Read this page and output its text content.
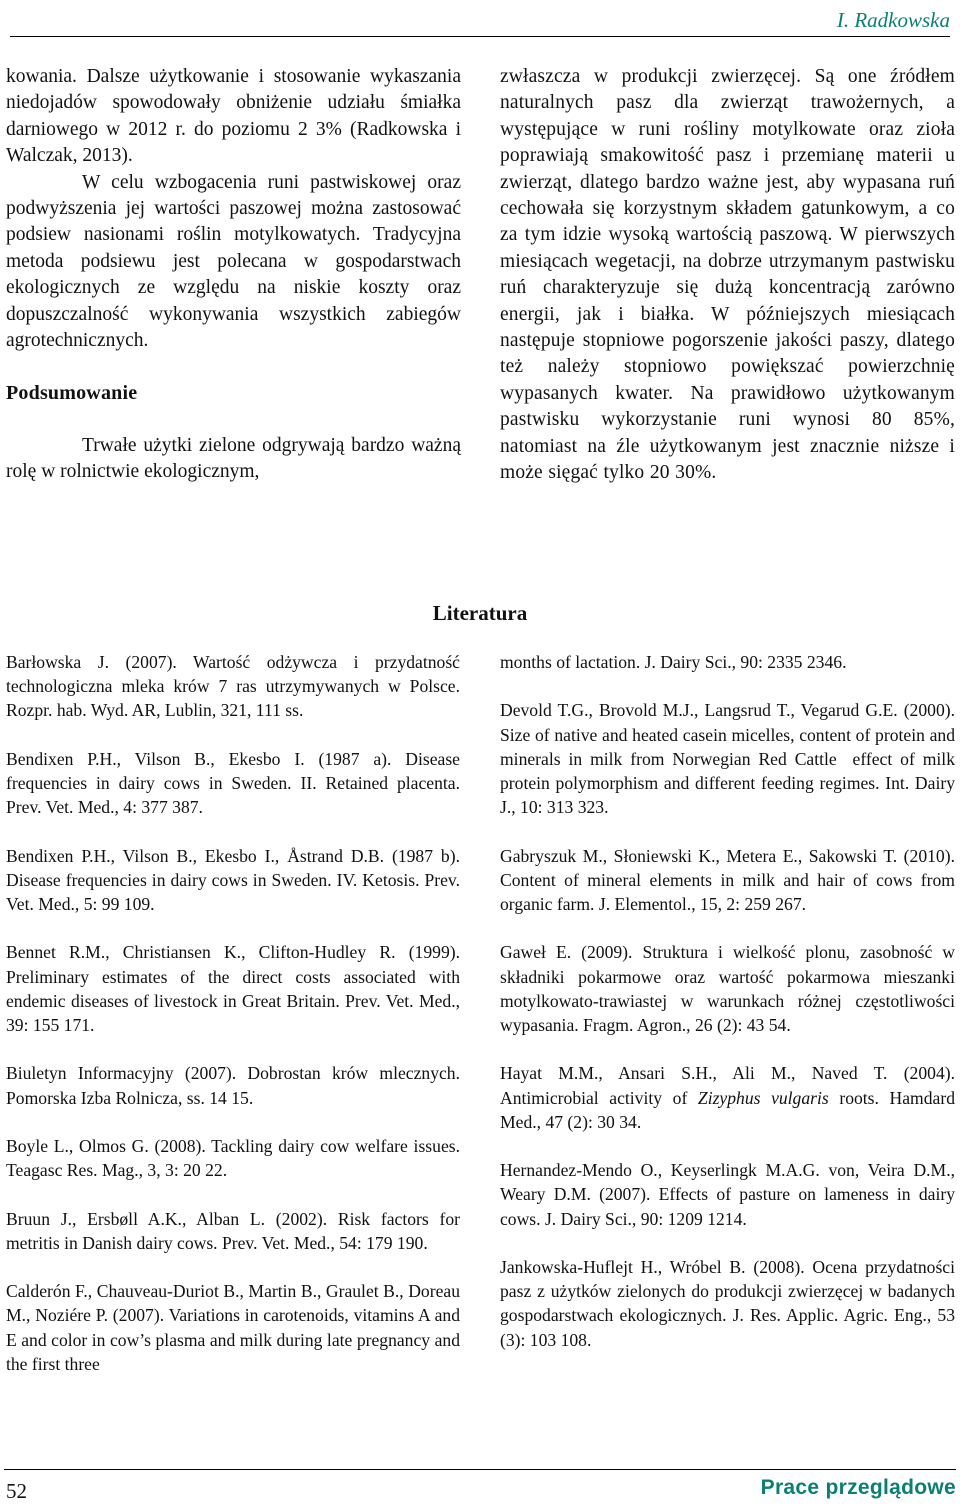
I. Radkowska

kowania. Dalsze użytkowanie i stosowanie wykaszania niedojadów spowodowały obniżenie udziału śmiałka darniowego w 2012 r. do poziomu 2 3% (Radkowska i Walczak, 2013).

W celu wzbogacenia runi pastwiskowej oraz podwyższenia jej wartości paszowej można zastosować podsiew nasionami roślin motylkowatych. Tradycyjna metoda podsiewu jest polecana w gospodarstwach ekologicznych ze względu na niskie koszty oraz dopuszczalność wykonywania wszystkich zabiegów agrotechnicznych.

Podsumowanie

Trwałe użytki zielone odgrywają bardzo ważną rolę w rolnictwie ekologicznym,

zwłaszcza w produkcji zwierzęcej. Są one źródłem naturalnych pasz dla zwierząt trawożernych, a występujące w runi rośliny motylkowate oraz zioła poprawiają smakowitość pasz i przemianę materii u zwierząt, dlatego bardzo ważne jest, aby wypasana ruń cechowała się korzystnym składem gatunkowym, a co za tym idzie wysoką wartością paszową. W pierwszych miesiącach wegetacji, na dobrze utrzymanym pastwisku ruń charakteryzuje się dużą koncentracją zarówno energii, jak i białka. W późniejszych miesiącach następuje stopniowe pogorszenie jakości paszy, dlatego też należy stopniowo powiększać powierzchnię wypasanych kwater. Na prawidłowo użytkowanym pastwisku wykorzystanie runi wynosi 80 85%, natomiast na źle użytkowanym jest znacznie niższe i może sięgać tylko 20 30%.

Literatura

Barłowska J. (2007). Wartość odżywcza i przydatność technologiczna mleka krów 7 ras utrzymywanych w Polsce. Rozpr. hab. Wyd. AR, Lublin, 321, 111 ss.

Bendixen P.H., Vilson B., Ekesbo I. (1987 a). Disease frequencies in dairy cows in Sweden. II. Retained placenta. Prev. Vet. Med., 4: 377 387.

Bendixen P.H., Vilson B., Ekesbo I., Åstrand D.B. (1987 b). Disease frequencies in dairy cows in Sweden. IV. Ketosis. Prev. Vet. Med., 5: 99 109.

Bennet R.M., Christiansen K., Clifton-Hudley R. (1999). Preliminary estimates of the direct costs associated with endemic diseases of livestock in Great Britain. Prev. Vet. Med., 39: 155 171.

Biuletyn Informacyjny (2007). Dobrostan krów mlecznych. Pomorska Izba Rolnicza, ss. 14 15.

Boyle L., Olmos G. (2008). Tackling dairy cow welfare issues. Teagasc Res. Mag., 3, 3: 20 22.

Bruun J., Ersbøll A.K., Alban L. (2002). Risk factors for metritis in Danish dairy cows. Prev. Vet. Med., 54: 179 190.

Calderón F., Chauveau-Duriot B., Martin B., Graulet B., Doreau M., Noziére P. (2007). Variations in carotenoids, vitamins A and E and color in cow’s plasma and milk during late pregnancy and the first three

months of lactation. J. Dairy Sci., 90: 2335 2346.

Devold T.G., Brovold M.J., Langsrud T., Vegarud G.E. (2000). Size of native and heated casein micelles, content of protein and minerals in milk from Norwegian Red Cattle  effect of milk protein polymorphism and different feeding regimes. Int. Dairy J., 10: 313 323.

Gabryszuk M., Słoniewski K., Metera E., Sakowski T. (2010). Content of mineral elements in milk and hair of cows from organic farm. J. Elementol., 15, 2: 259 267.

Gaweł E. (2009). Struktura i wielkość plonu, zasobność w składniki pokarmowe oraz wartość pokarmowa mieszanki motylkowato-trawiastej w warunkach różnej częstotliwości wypasania. Fragm. Agron., 26 (2): 43 54.

Hayat M.M., Ansari S.H., Ali M., Naved T. (2004). Antimicrobial activity of Zizyphus vulgaris roots. Hamdard Med., 47 (2): 30 34.

Hernandez-Mendo O., Keyserlingk M.A.G. von, Veira D.M., Weary D.M. (2007). Effects of pasture on lameness in dairy cows. J. Dairy Sci., 90: 1209 1214.

Jankowska-Huflejt H., Wróbel B. (2008). Ocena przydatności pasz z użytków zielonych do produkcji zwierzęcej w badanych gospodarstwach ekologicznych. J. Res. Applic. Agric. Eng., 53 (3): 103 108.

52	Prace przeglądowe
